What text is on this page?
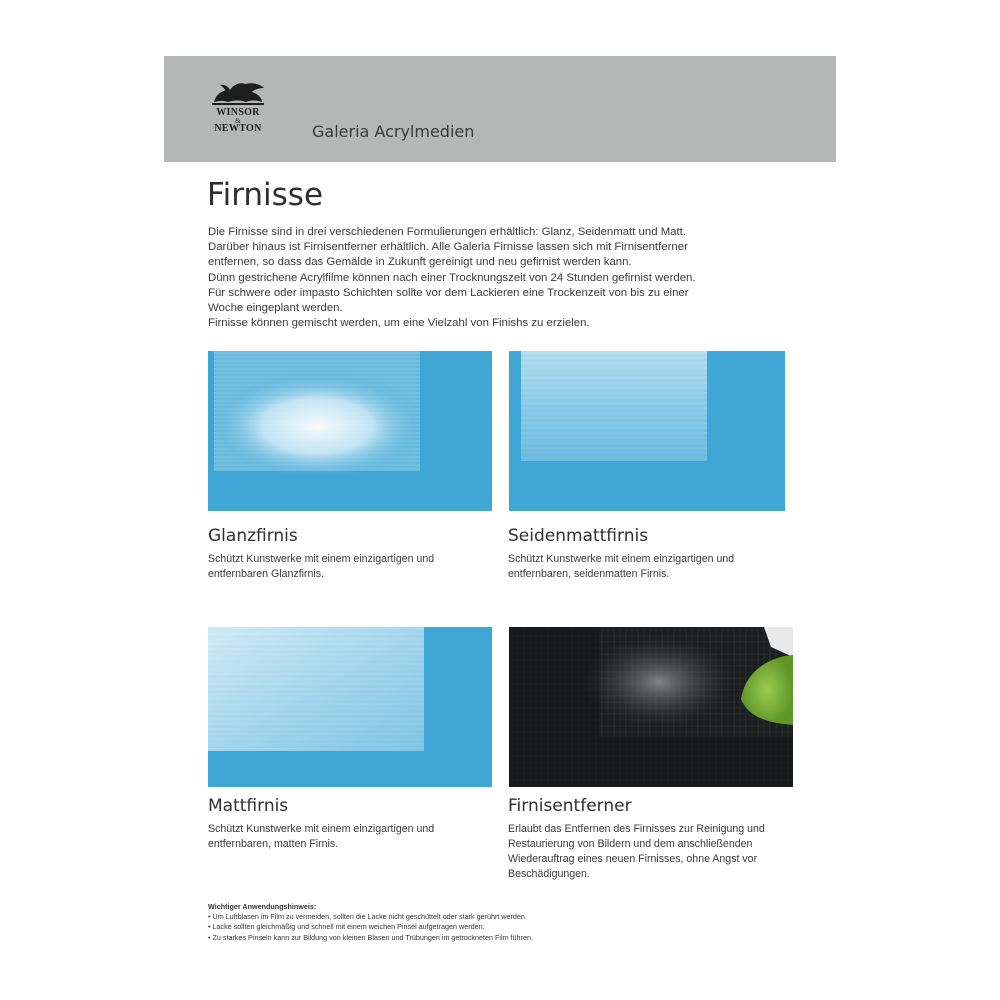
WINSOR
&
NEWTON	Galeria Acrylmedien
Firnisse

Die Firnisse sind in drei verschiedenen Formulierungen erhältlich: Glanz, Seidenmatt und Matt.

Darüber hinaus ist Firnisentferner erhältlich. Alle Galeria Firnisse lassen sich mit Firnisentferner

entfernen, so dass das Gemälde in Zukunft gereinigt und neu gefirnist werden kann.

Dünn gestrichene Acrylfilme können nach einer Trocknungszeit von 24 Stunden gefirnist werden.

Für schwere oder impasto Schichten sollte vor dem Lackieren eine Trockenzeit von bis zu einer

Woche eingeplant werden.

Firnisse können gemischt werden, um eine Vielzahl von Finishs zu erzielen.

Glanzfirnis

Schützt Kunstwerke mit einem einzigartigen und

entfernbaren Glanzfirnis.

Seidenmattfirnis

Schützt Kunstwerke mit einem einzigartigen und

entfernbaren, seidenmatten Firnis.

Mattfirnis

Schützt Kunstwerke mit einem einzigartigen und

entfernbaren, matten Firnis.

Firnisentferner

Erlaubt das Entfernen des Firnisses zur Reinigung und

Restaurierung von Bildern und dem anschließenden

Wiederauftrag eines neuen Firnisses, ohne Angst vor

Beschädigungen.

Wichtiger Anwendungshinweis:

• Um Luftblasen im Film zu vermeiden, sollten die Lacke nicht geschüttelt oder stark gerührt werden.

• Lacke sollten gleichmäßig und schnell mit einem weichen Pinsel aufgetragen werden.

• Zu starkes Pinseln kann zur Bildung von kleinen Blasen und Trübungen im getrockneten Film führen.
